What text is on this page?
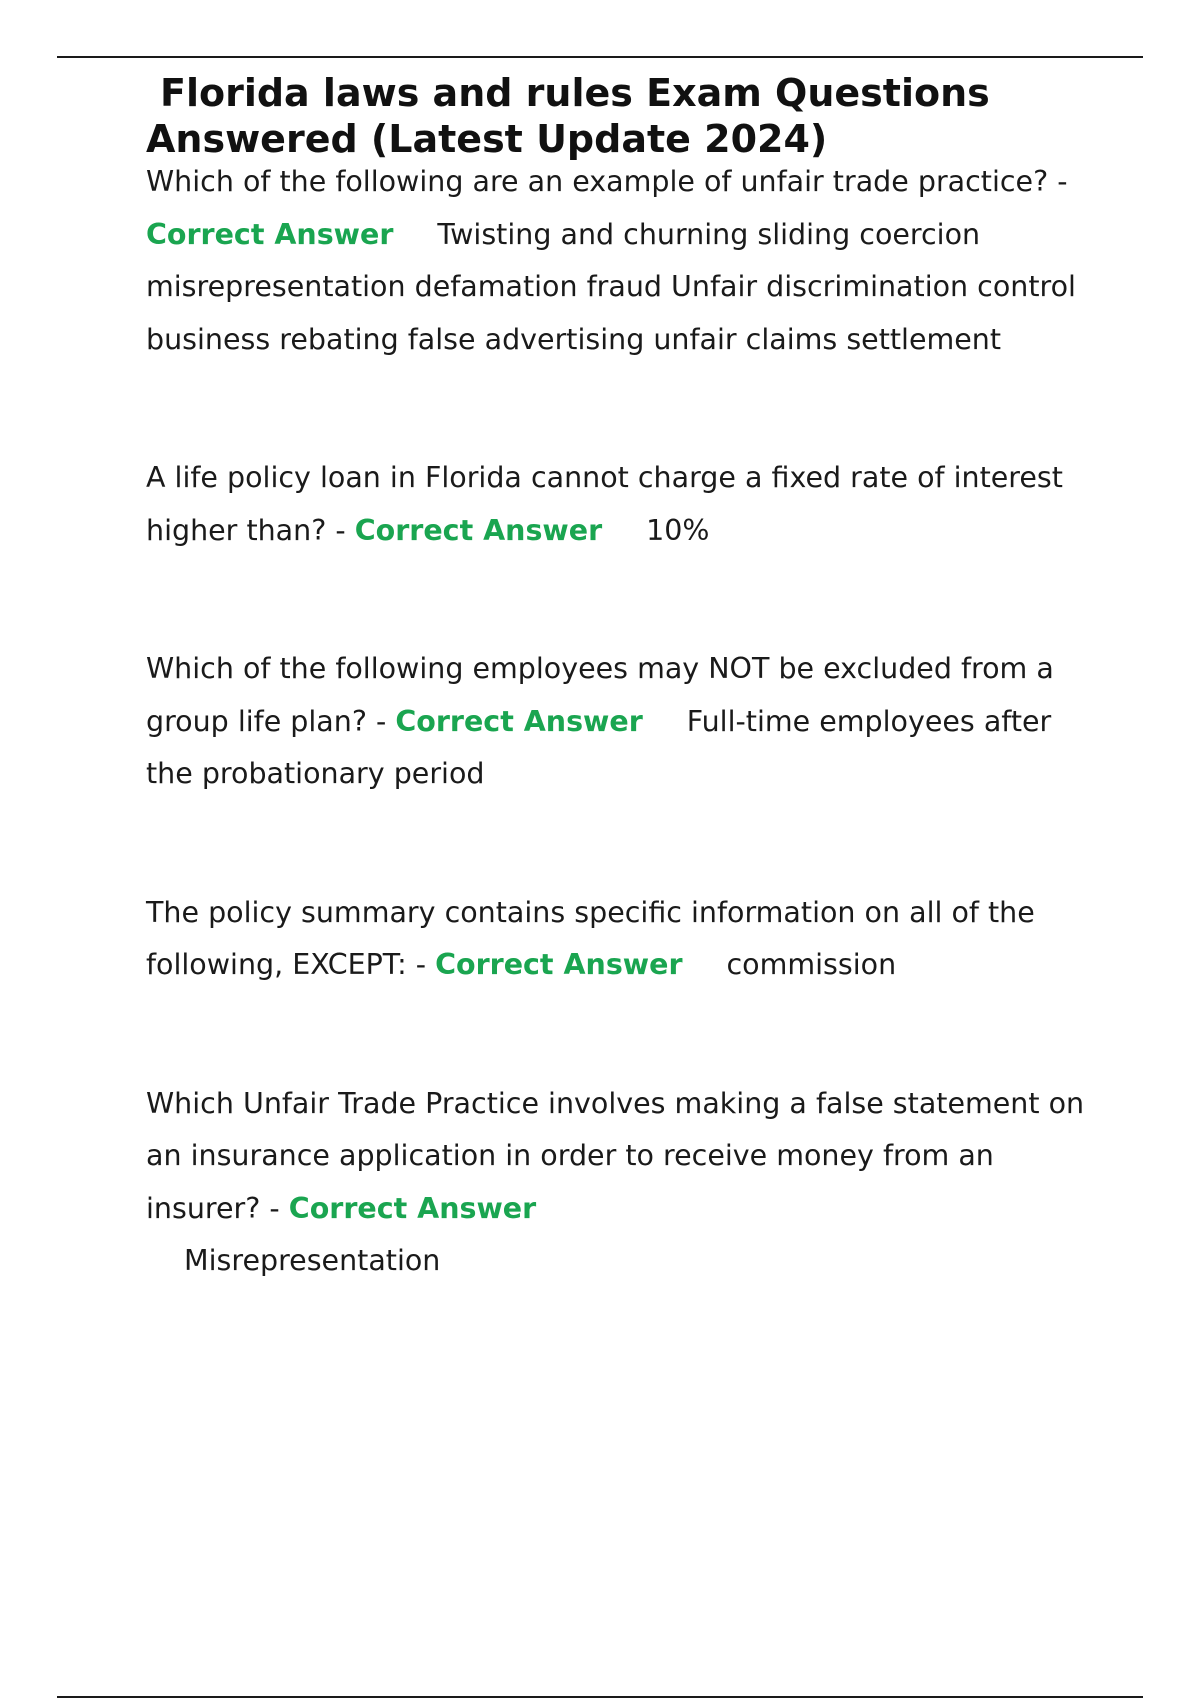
Florida laws and rules Exam Questions Answered (Latest Update 2024)

Which of the following are an example of unfair trade practice? - Correct Answer Twisting and churning sliding coercion misrepresentation defamation fraud Unfair discrimination control business rebating false advertising unfair claims settlement

A life policy loan in Florida cannot charge a fixed rate of interest higher than? - Correct Answer 10%

Which of the following employees may NOT be excluded from a group life plan? - Correct Answer Full-time employees after the probationary period

The policy summary contains specific information on all of the following, EXCEPT: - Correct Answer commission

Which Unfair Trade Practice involves making a false statement on an insurance application in order to receive money from an insurer? - Correct Answer
Misrepresentation
